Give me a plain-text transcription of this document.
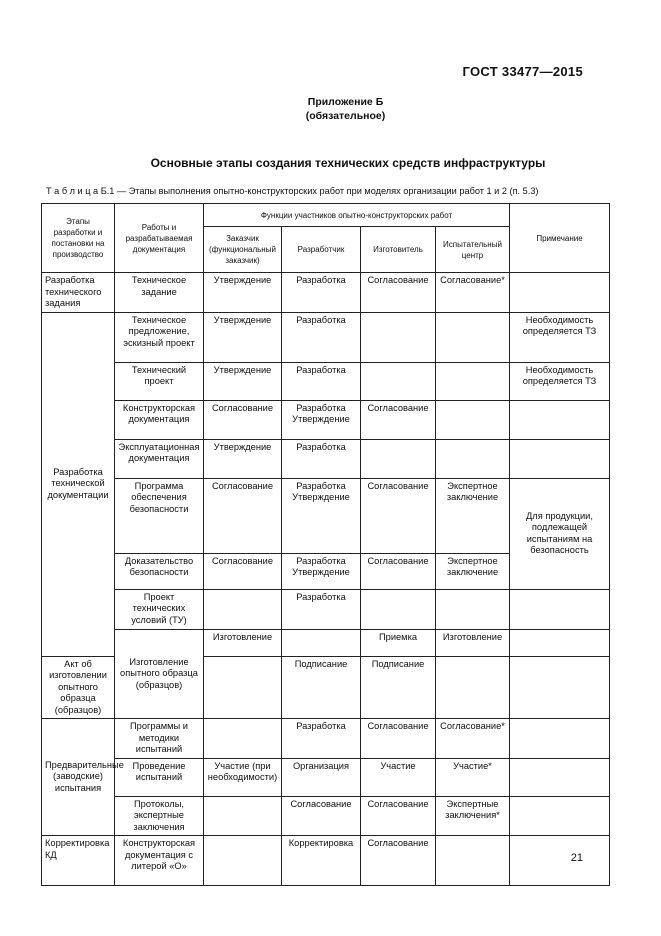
ГОСТ 33477—2015
Приложение Б
(обязательное)
Основные этапы создания технических средств инфраструктуры
Т а б л и ц а Б.1 — Этапы выполнения опытно-конструкторских работ при моделях организации работ 1 и 2 (п. 5.3)
Этапы разработки и постановки на производство	Работы и разрабатываемая документация	Функции участников опытно-конструкторских работ				Примечание	
		Заказчик (функциональный заказчик)	Разработчик	Изготовитель	Испытательный центр		
Разработка технического задания	Техническое задание	Утверждение	Разработка	Согласование	Согласование*		
Разработка технической документации	Техническое предложение, эскизный проект	Утверждение	Разработка			Необходимость определяется ТЗ	
	Технический проект	Утверждение	Разработка			Необходимость определяется ТЗ	
	Конструкторская документация	Согласование	Разработка Утверждение	Согласование			
	Эксплуатационная документация	Утверждение	Разработка				
	Программа обеспечения безопасности	Согласование	Разработка Утверждение	Согласование	Экспертное заключение	Для продукции, подлежащей испытаниям на безопасность	
	Доказательство безопасности	Согласование	Разработка Утверждение	Согласование	Экспертное заключение		
	Проект технических условий (ТУ)		Разработка				
	Изготовление опытного образца (образцов)	Изготовление		Приемка	Изготовление		
Акт об изготовлении опытного образца (образцов)			Подписание	Подписание			
Предварительные (заводские) испытания	Программы и методики испытаний		Разработка	Согласование	Согласование*		
	Проведение испытаний	Участие (при необходимости)	Организация	Участие	Участие*		
	Протоколы, экспертные заключения		Согласование	Согласование	Экспертные заключения*		
Корректировка КД	Конструкторская документация с литерой «О»		Корректировка	Согласование			
21
